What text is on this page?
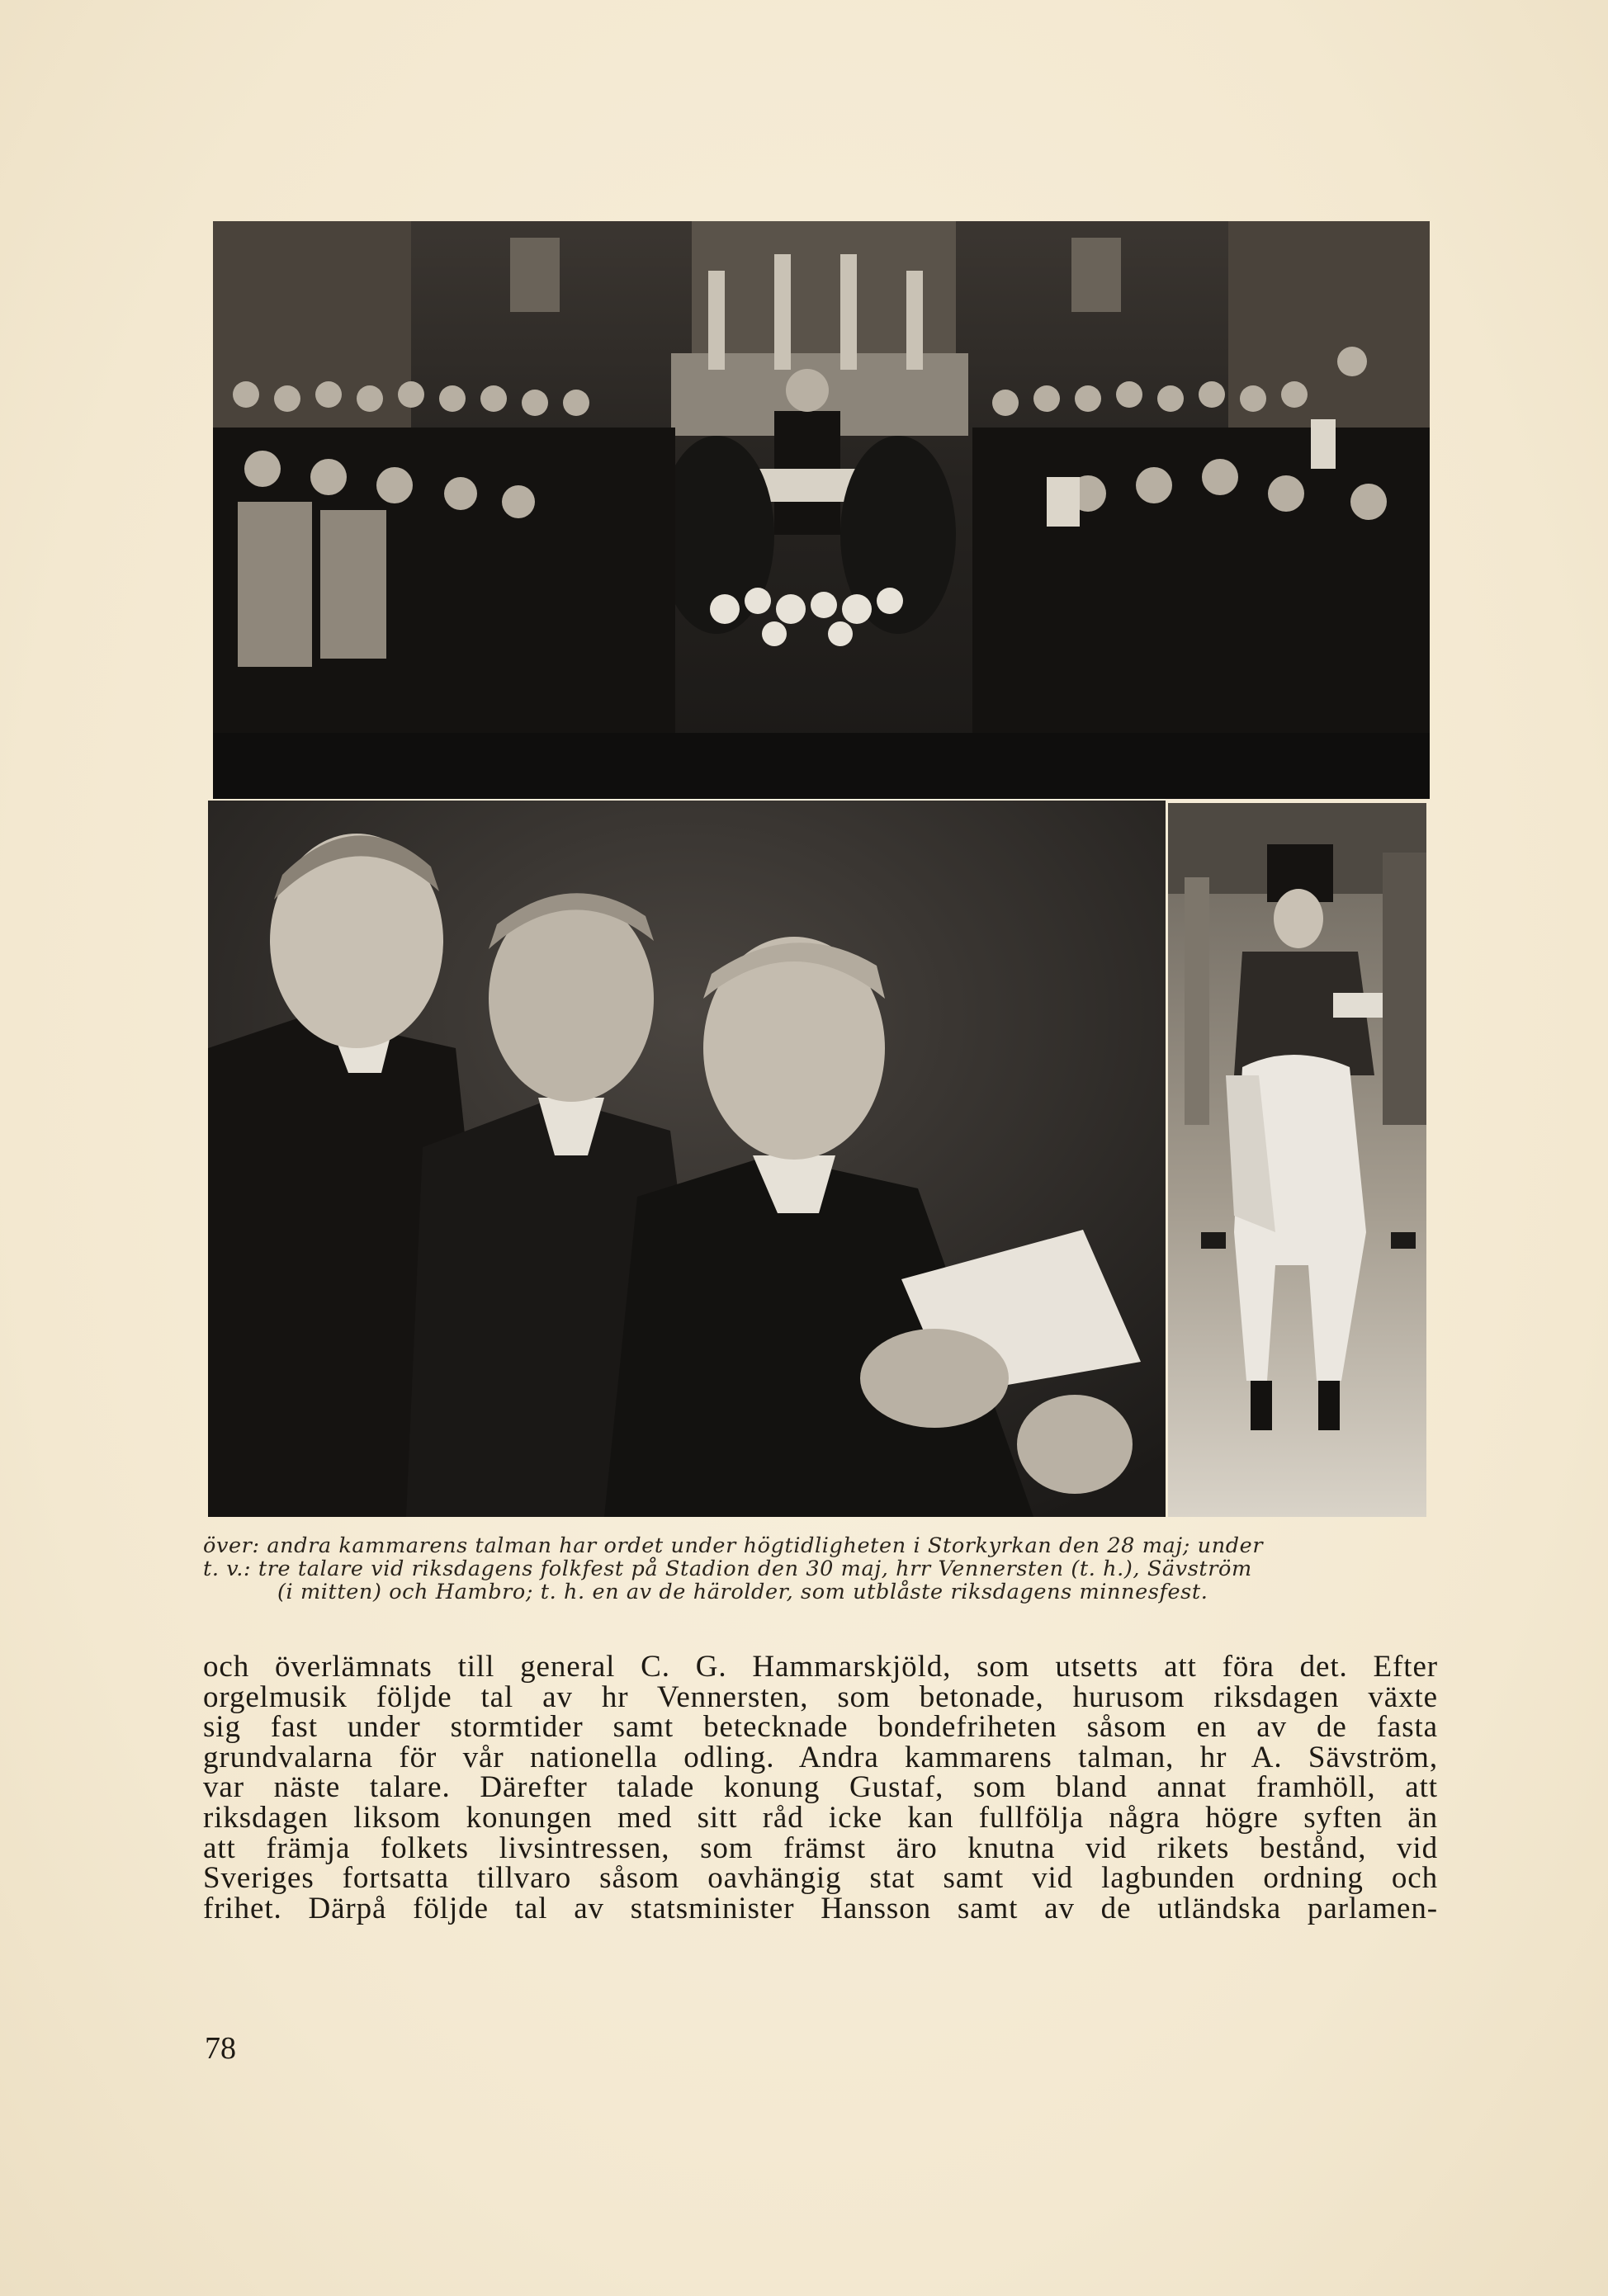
över: andra kammarens talman har ordet under högtidligheten i Storkyrkan den 28 maj; under
t. v.: tre talare vid riksdagens folkfest på Stadion den 30 maj, hrr Vennersten (t. h.), Sävström
(i mitten) och Hambro; t. h. en av de härolder, som utblåste riksdagens minnesfest.
och överlämnats till general C. G. Hammarskjöld, som utsetts att föra det. Efter
orgelmusik följde tal av hr Vennersten, som betonade, hurusom riksdagen växte
sig fast under stormtider samt betecknade bondefriheten såsom en av de fasta
grundvalarna för vår nationella odling. Andra kammarens talman, hr A. Sävström,
var näste talare. Därefter talade konung Gustaf, som bland annat framhöll, att
riksdagen liksom konungen med sitt råd icke kan fullfölja några högre syften än
att främja folkets livsintressen, som främst äro knutna vid rikets bestånd, vid
Sveriges fortsatta tillvaro såsom oavhängig stat samt vid lagbunden ordning och
frihet. Därpå följde tal av statsminister Hansson samt av de utländska parlamen-
78
